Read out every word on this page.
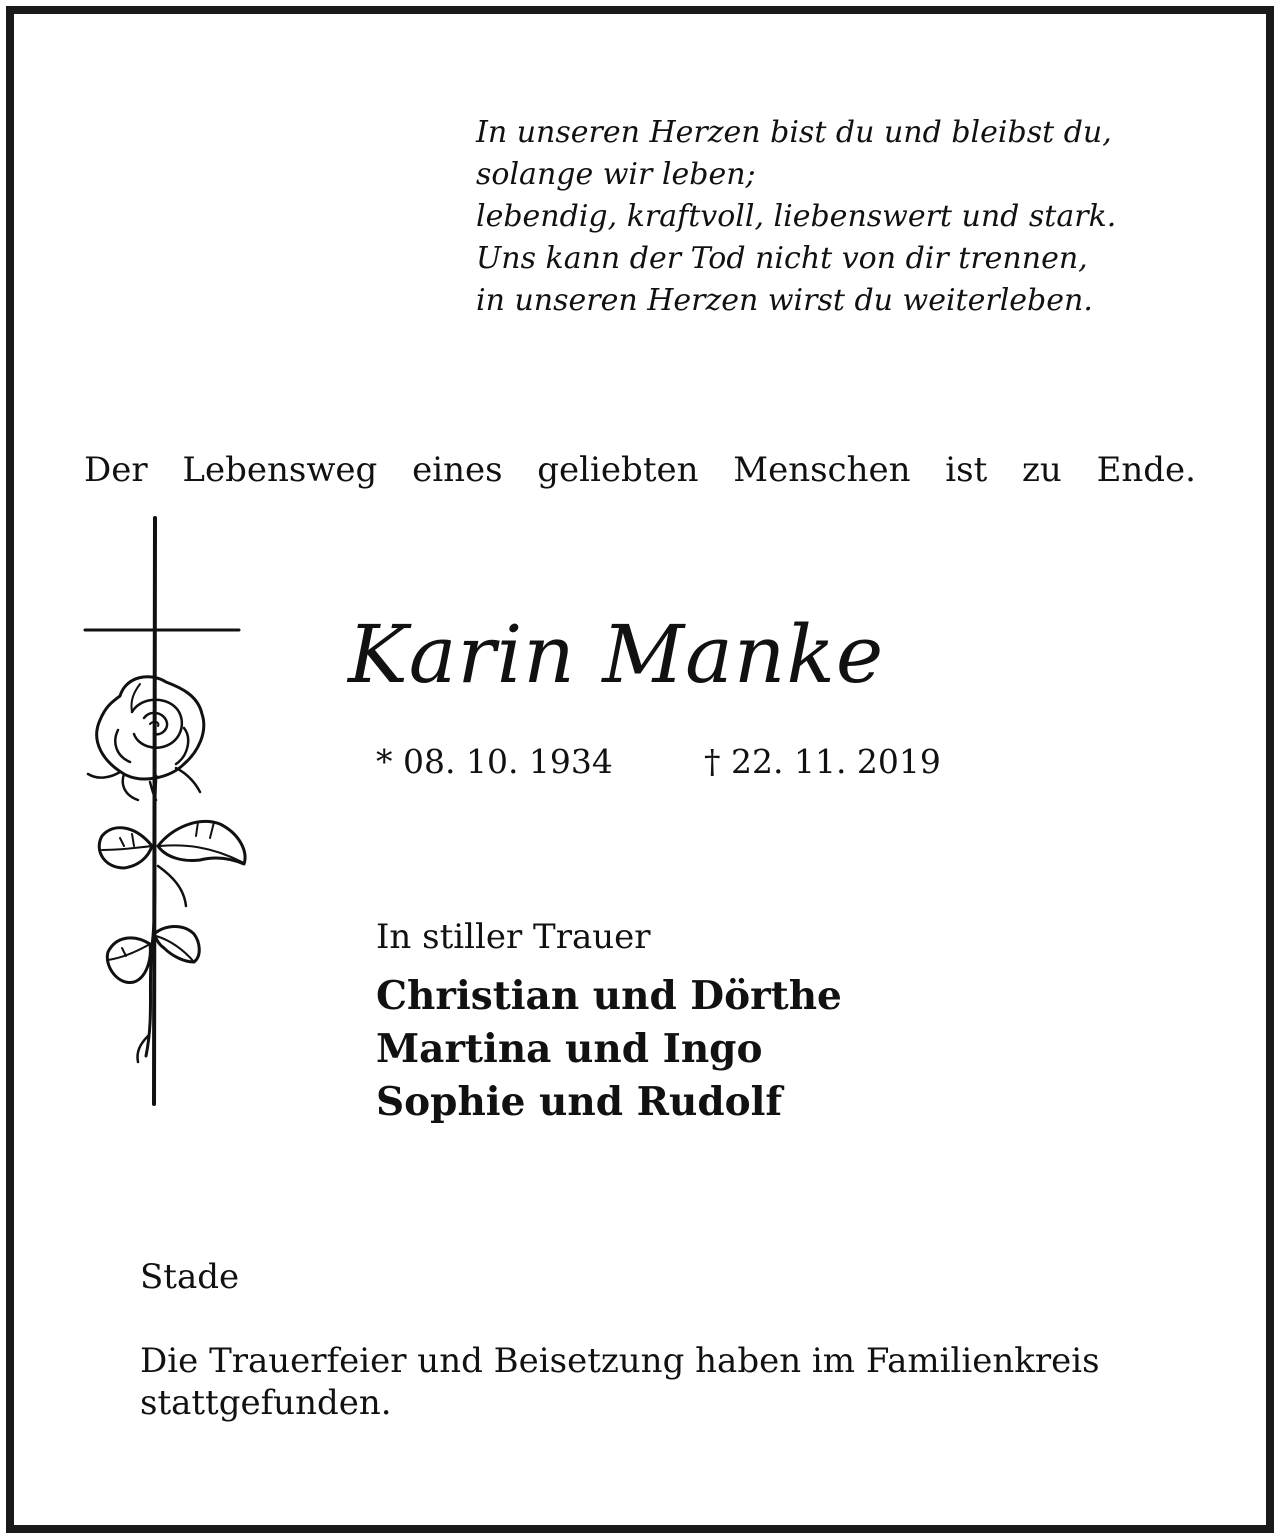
In unseren Herzen bist du und bleibst du,
solange wir leben;
lebendig, kraftvoll, liebenswert und stark.
Uns kann der Tod nicht von dir trennen,
in unseren Herzen wirst du weiterleben.
Der Lebensweg eines geliebten Menschen ist zu Ende.
Karin Manke
* 08. 10. 1934	† 22. 11. 2019
In stiller Trauer
Christian und Dörthe
Martina und Ingo
Sophie und Rudolf
Stade
Die Trauerfeier und Beisetzung haben im Familienkreis stattgefunden.
